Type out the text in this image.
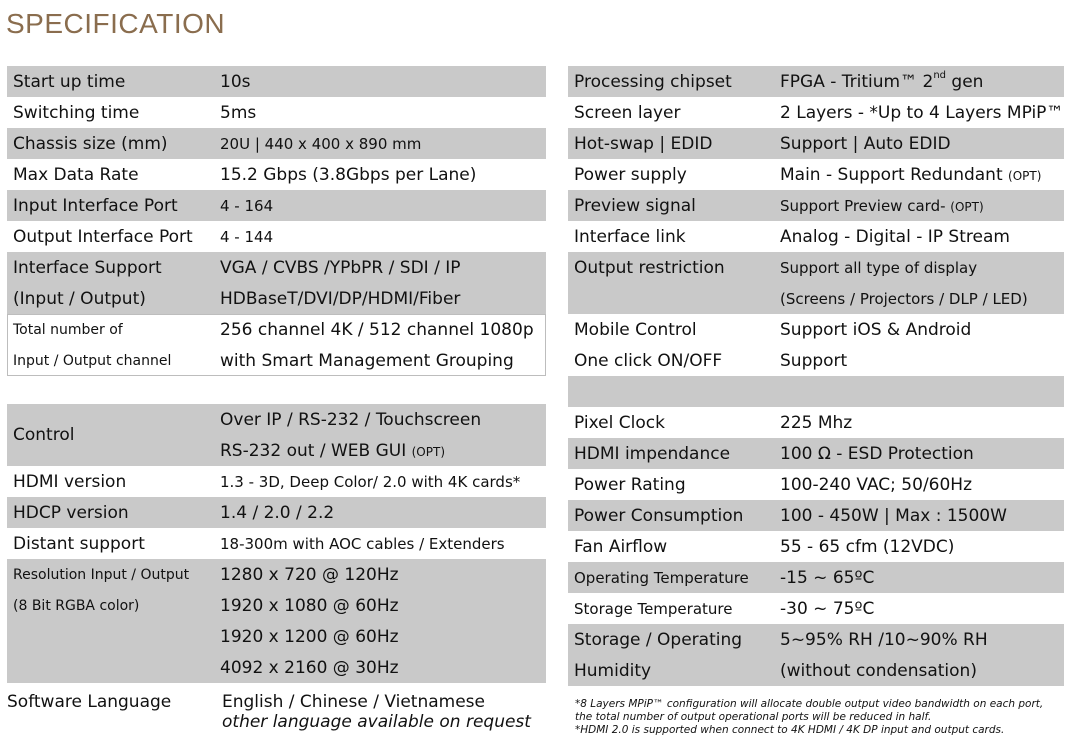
SPECIFICATION
Start up time	10s
Switching time	5ms
Chassis size (mm)	20U | 440 x 400 x 890 mm
Max Data Rate	15.2 Gbps (3.8Gbps per Lane)
Input Interface Port	4 - 164
Output Interface Port	4 - 144
Interface Support	VGA / CVBS /YPbPR / SDI / IP
(Input / Output)	HDBaseT/DVI/DP/HDMI/Fiber
Total number of	256 channel 4K / 512 channel 1080p
Input / Output channel	with Smart Management Grouping
Control	Over IP / RS-232 / Touchscreen
	RS-232 out / WEB GUI (OPT)
HDMI version	1.3 - 3D, Deep Color/ 2.0 with 4K cards*
HDCP version	1.4 / 2.0 / 2.2
Distant support	18-300m with AOC cables / Extenders
Resolution Input / Output	1280 x 720 @ 120Hz
(8 Bit RGBA color)	1920 x 1080 @ 60Hz
	1920 x 1200 @ 60Hz
	4092 x 2160 @ 30Hz
Software Language	English / Chinese / Vietnamese
other language available on request
Processing chipset	FPGA - Tritium™ 2nd gen
Screen layer	2 Layers - *Up to 4 Layers MPiP™
Hot-swap | EDID	Support | Auto EDID
Power supply	Main - Support Redundant (OPT)
Preview signal	Support Preview card- (OPT)
Interface link	Analog - Digital - IP Stream
Output restriction	Support all type of display
	(Screens / Projectors / DLP / LED)
Mobile Control	Support iOS & Android
One click ON/OFF	Support

Pixel Clock	225 Mhz
HDMI impendance	100 Ω - ESD Protection
Power Rating	100-240 VAC; 50/60Hz
Power Consumption	100 - 450W | Max : 1500W
Fan Airflow	55 - 65 cfm (12VDC)
Operating Temperature	-15 ~ 65ºC
Storage Temperature	-30 ~ 75ºC
Storage / Operating	5~95% RH /10~90% RH
Humidity	(without condensation)
*8 Layers MPiP™ configuration will allocate double output video bandwidth on each port,
the total number of output operational ports will be reduced in half.
*HDMI 2.0 is supported when connect to 4K HDMI / 4K DP input and output cards.
